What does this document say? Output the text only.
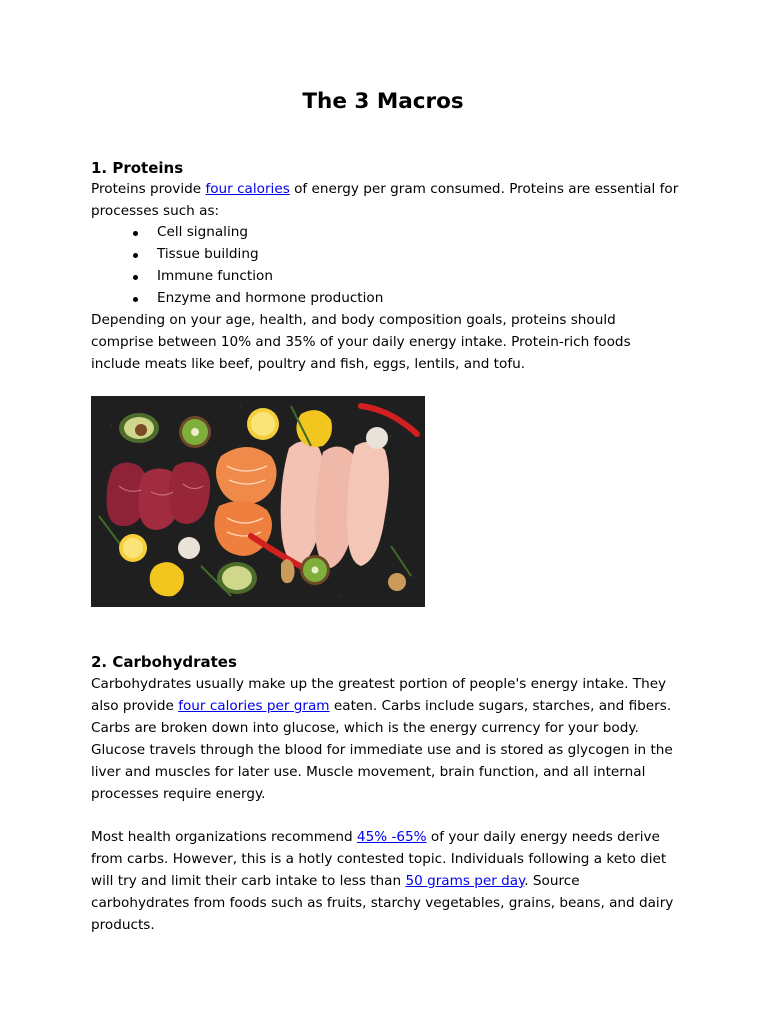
The 3 Macros
1. Proteins

Proteins provide four calories of energy per gram consumed. Proteins are essential for processes such as:

Cell signaling
Tissue building
Immune function
Enzyme and hormone production

Depending on your age, health, and body composition goals, proteins should comprise between 10% and 35% of your daily energy intake. Protein-rich foods include meats like beef, poultry and fish, eggs, lentils, and tofu.

2. Carbohydrates

Carbohydrates usually make up the greatest portion of people's energy intake. They also provide four calories per gram eaten. Carbs include sugars, starches, and fibers. Carbs are broken down into glucose, which is the energy currency for your body. Glucose travels through the blood for immediate use and is stored as glycogen in the liver and muscles for later use. Muscle movement, brain function, and all internal processes require energy.

Most health organizations recommend 45% -65% of your daily energy needs derive from carbs. However, this is a hotly contested topic. Individuals following a keto diet will try and limit their carb intake to less than 50 grams per day. Source carbohydrates from foods such as fruits, starchy vegetables, grains, beans, and dairy products.
